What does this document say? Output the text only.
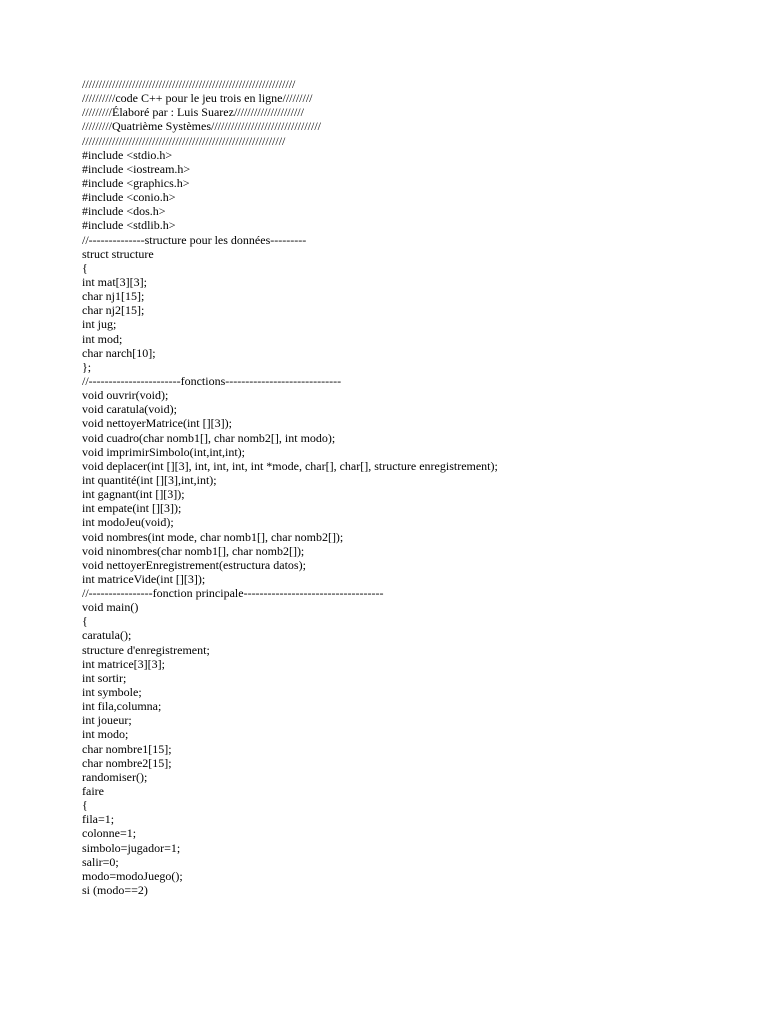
////////////////////////////////////////////////////////////////
//////////code C++ pour le jeu trois en ligne/////////
/////////Élaboré par : Luis Suarez/////////////////////
/////////Quatrième Systèmes/////////////////////////////////
/////////////////////////////////////////////////////////////
#include <stdio.h>
#include <iostream.h>
#include <graphics.h>
#include <conio.h>
#include <dos.h>
#include <stdlib.h>
//--------------structure pour les données---------
struct structure
{
int mat[3][3];
char nj1[15];
char nj2[15];
int jug;
int mod;
char narch[10];
};
//-----------------------fonctions-----------------------------
void ouvrir(void);
void caratula(void);
void nettoyerMatrice(int [][3]);
void cuadro(char nomb1[], char nomb2[], int modo);
void imprimirSimbolo(int,int,int);
void deplacer(int [][3], int, int, int, int *mode, char[], char[], structure enregistrement);
int quantité(int [][3],int,int);
int gagnant(int [][3]);
int empate(int [][3]);
int modoJeu(void);
void nombres(int mode, char nomb1[], char nomb2[]);
void ninombres(char nomb1[], char nomb2[]);
void nettoyerEnregistrement(estructura datos);
int matriceVide(int [][3]);
//----------------fonction principale-----------------------------------
void main()
{
caratula();
structure d'enregistrement;
int matrice[3][3];
int sortir;
int symbole;
int fila,columna;
int joueur;
int modo;
char nombre1[15];
char nombre2[15];
randomiser();
faire
{
fila=1;
colonne=1;
simbolo=jugador=1;
salir=0;
modo=modoJuego();
si (modo==2)
